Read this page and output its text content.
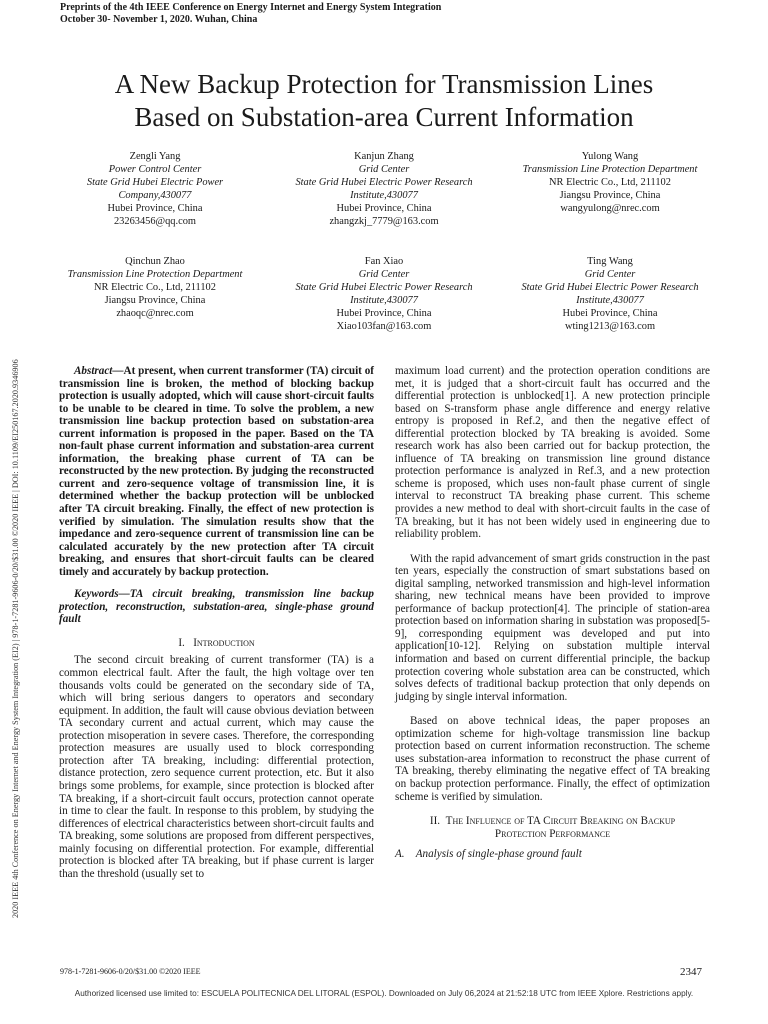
Preprints of the 4th IEEE Conference on Energy Internet and Energy System Integration
October 30- November 1, 2020. Wuhan, China
A New Backup Protection for Transmission Lines
Based on Substation-area Current Information
Zengli Yang
Power Control Center
State Grid Hubei Electric Power
Company,430077
Hubei Province, China
23263456@qq.com
Kanjun Zhang
Grid Center
State Grid Hubei Electric Power Research
Institute,430077
Hubei Province, China
zhangzkj_7779@163.com
Yulong Wang
Transmission Line Protection Department
NR Electric Co., Ltd, 211102
Jiangsu Province, China
wangyulong@nrec.com
Qinchun Zhao
Transmission Line Protection Department
NR Electric Co., Ltd, 211102
Jiangsu Province, China
zhaoqc@nrec.com
Fan Xiao
Grid Center
State Grid Hubei Electric Power Research
Institute,430077
Hubei Province, China
Xiao103fan@163.com
Ting Wang
Grid Center
State Grid Hubei Electric Power Research
Institute,430077
Hubei Province, China
wting1213@163.com
2020 IEEE 4th Conference on Energy Internet and Energy System Integration (EI2) | 978-1-7281-9606-0/20/$31.00 ©2020 IEEE | DOI: 10.1109/EI250167.2020.9346906	Abstract—At present, when current transformer (TA) circuit of transmission line is broken, the method of blocking backup protection is usually adopted, which will cause short-circuit faults to be unable to be cleared in time. To solve the problem, a new transmission line backup protection based on substation-area current information is proposed in the paper. Based on the TA non-fault phase current information and substation-area current information, the breaking phase current of TA can be reconstructed by the new protection. By judging the reconstructed current and zero-sequence voltage of transmission line, it is determined whether the backup protection will be unblocked after TA circuit breaking. Finally, the effect of new protection is verified by simulation. The simulation results show that the impedance and zero-sequence current of transmission line can be calculated accurately by the new protection after TA circuit breaking, and ensures that short-circuit faults can be cleared timely and accurately by backup protection.

Keywords—TA circuit breaking, transmission line backup protection, reconstruction, substation-area, single-phase ground fault

I. Introduction

The second circuit breaking of current transformer (TA) is a common electrical fault. After the fault, the high voltage over ten thousands volts could be generated on the secondary side of TA, which will bring serious dangers to operators and secondary equipment. In addition, the fault will cause obvious deviation between TA secondary current and actual current, which may cause the protection misoperation in severe cases. Therefore, the corresponding protection measures are usually used to block corresponding protection after TA breaking, including: differential protection, distance protection, zero sequence current protection, etc. But it also brings some problems, for example, since protection is blocked after TA breaking, if a short-circuit fault occurs, protection cannot operate in time to clear the fault. In response to this problem, by studying the differences of electrical characteristics between short-circuit faults and TA breaking, some solutions are proposed from different perspectives, mainly focusing on differential protection. For example, differential protection is blocked after TA breaking, but if phase current is larger than the threshold (usually set to

maximum load current) and the protection operation conditions are met, it is judged that a short-circuit fault has occurred and the differential protection is unblocked[1]. A new protection principle based on S-transform phase angle difference and energy relative entropy is proposed in Ref.2, and then the negative effect of differential protection blocked by TA breaking is avoided. Some research work has also been carried out for backup protection, the influence of TA breaking on transmission line ground distance protection performance is analyzed in Ref.3, and a new protection scheme is proposed, which uses non-fault phase current of single interval to reconstruct TA breaking phase current. This scheme provides a new method to deal with short-circuit faults in the case of TA breaking, but it has not been widely used in engineering due to reliability problem.

With the rapid advancement of smart grids construction in the past ten years, especially the construction of smart substations based on digital sampling, networked transmission and high-level information sharing, new technical means have been provided to improve performance of backup protection[4]. The principle of station-area protection based on information sharing in substation was proposed[5-9], corresponding equipment was developed and put into application[10-12]. Relying on substation multiple interval information and based on current differential principle, the backup protection covering whole substation area can be constructed, which solves defects of traditional backup protection that only depends on judging by single interval information.

Based on above technical ideas, the paper proposes an optimization scheme for high-voltage transmission line backup protection based on current information reconstruction. The scheme uses substation-area information to reconstruct the phase current of TA breaking, thereby eliminating the negative effect of TA breaking on backup protection performance. Finally, the effect of optimization scheme is verified by simulation.

II. The Influence of TA Circuit Breaking on Backup
Protection Performance

A. Analysis of single-phase ground fault

978-1-7281-9606-0/20/$31.00 ©2020 IEEE	2347
Authorized licensed use limited to: ESCUELA POLITECNICA DEL LITORAL (ESPOL). Downloaded on July 06,2024 at 21:52:18 UTC from IEEE Xplore. Restrictions apply.
